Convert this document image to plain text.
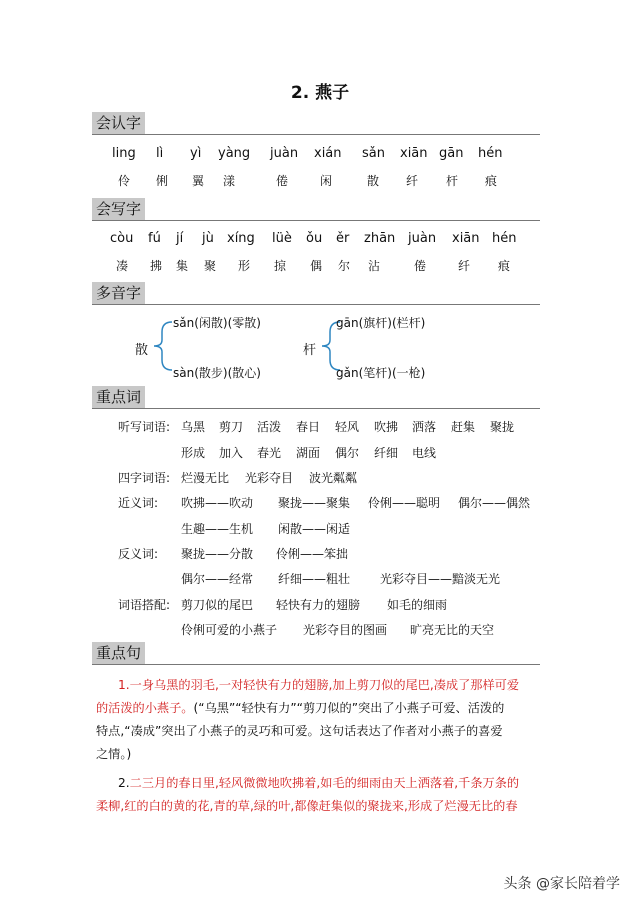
2. 燕子
会认字
ling lì yì yàng juàn xián sǎn xiān gān hén
伶 俐 翼 漾	倦	闲	散 纤 杆 痕
会写字
còu fú jí jù xíng lüè ǒu ěr zhān juàn xiān hén
凑 拂 集 聚 形 掠 偶 尔 沾	倦	纤 痕
多音字
散
sǎn(闲散)(零散)
sàn(散步)(散心)
杆
gān(旗杆)(栏杆)
gǎn(笔杆)(一枪)
重点词
听写词语: 乌黑 剪刀 活泼 春日 轻风 吹拂 洒落 赶集 聚拢
形成 加入 春光 湖面 偶尔 纤细 电线
四字词语: 烂漫无比 光彩夺目 波光粼粼
近义词: 吹拂——吹动 聚拢——聚集 伶俐——聪明 偶尔——偶然
生趣——生机 闲散——闲适
反义词: 聚拢——分散 伶俐——笨拙
偶尔——经常 纤细——粗壮 光彩夺目——黯淡无光
词语搭配: 剪刀似的尾巴 轻快有力的翅膀 如毛的细雨
伶俐可爱的小燕子 光彩夺目的图画 旷亮无比的天空
重点句
1.一身乌黑的羽毛,一对轻快有力的翅膀,加上剪刀似的尾巴,凑成了那样可爱
的活泼的小燕子。(“乌黑”“轻快有力”“剪刀似的”突出了小燕子可爱、活泼的
特点,“凑成”突出了小燕子的灵巧和可爱。这句话表达了作者对小燕子的喜爱
之情。)
2.二三月的春日里,轻风微微地吹拂着,如毛的细雨由天上洒落着,千条万条的
柔柳,红的白的黄的花,青的草,绿的叶,都像赶集似的聚拢来,形成了烂漫无比的春
头条 @家长陪着学
